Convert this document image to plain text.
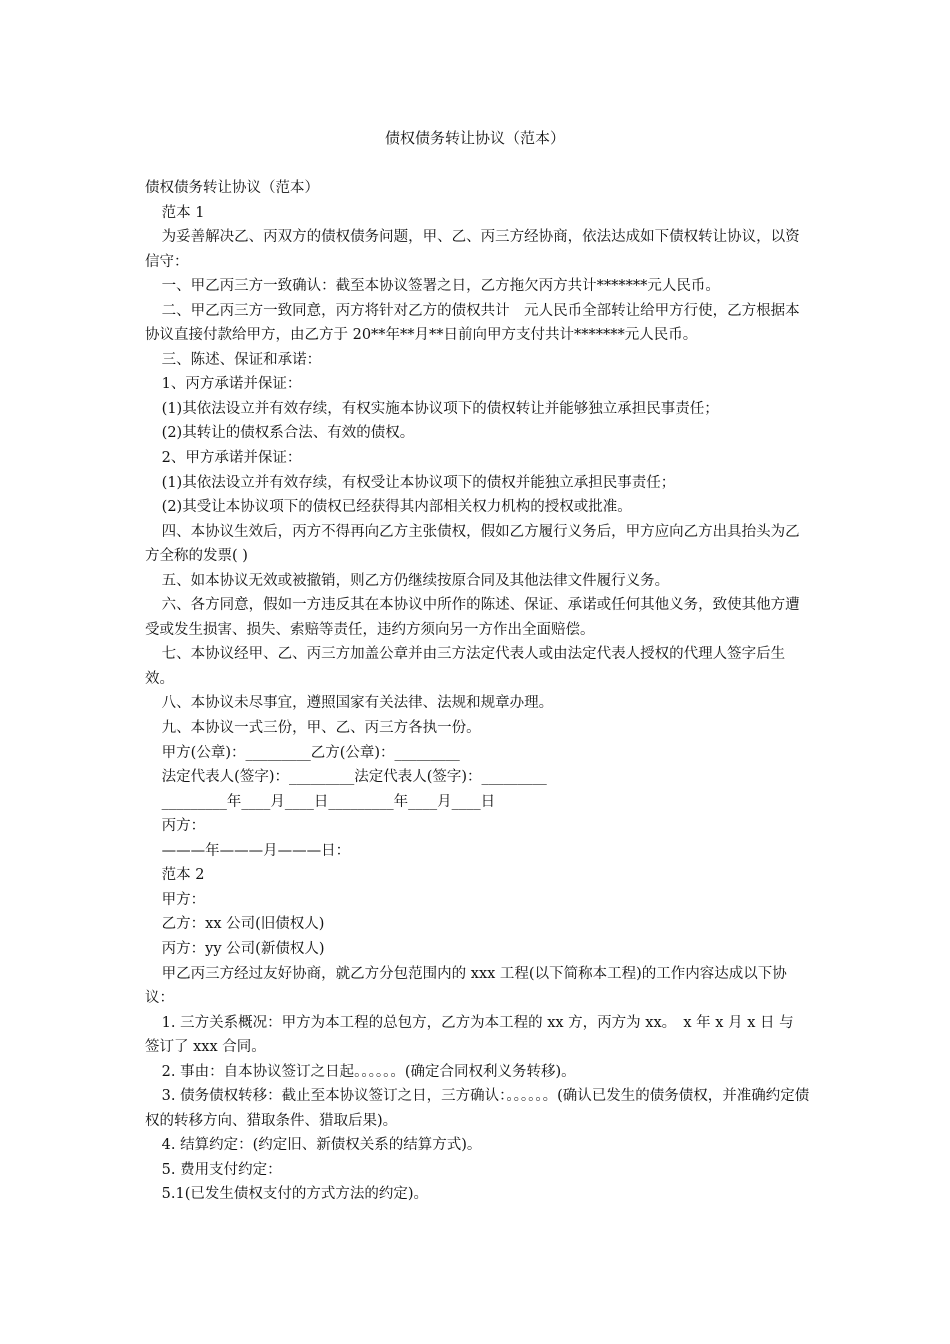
债权债务转让协议（范本）

债权债务转让协议（范本）

范本 1

为妥善解决乙、丙双方的债权债务问题，甲、乙、丙三方经协商，依法达成如下债权转让协议，以资信守：

一、甲乙丙三方一致确认：截至本协议签署之日，乙方拖欠丙方共计*******元人民币。

二、甲乙丙三方一致同意，丙方将针对乙方的债权共计　元人民币全部转让给甲方行使，乙方根据本协议直接付款给甲方，由乙方于 20**年**月**日前向甲方支付共计*******元人民币。

三、陈述、保证和承诺：

1、丙方承诺并保证：

(1)其依法设立并有效存续，有权实施本协议项下的债权转让并能够独立承担民事责任；

(2)其转让的债权系合法、有效的债权。

2、甲方承诺并保证：

(1)其依法设立并有效存续，有权受让本协议项下的债权并能独立承担民事责任；

(2)其受让本协议项下的债权已经获得其内部相关权力机构的授权或批准。

四、本协议生效后，丙方不得再向乙方主张债权，假如乙方履行义务后，甲方应向乙方出具抬头为乙方全称的发票( )

五、如本协议无效或被撤销，则乙方仍继续按原合同及其他法律文件履行义务。

六、各方同意，假如一方违反其在本协议中所作的陈述、保证、承诺或任何其他义务，致使其他方遭受或发生损害、损失、索赔等责任，违约方须向另一方作出全面赔偿。

七、本协议经甲、乙、丙三方加盖公章并由三方法定代表人或由法定代表人授权的代理人签字后生效。

八、本协议未尽事宜，遵照国家有关法律、法规和规章办理。

九、本协议一式三份，甲、乙、丙三方各执一份。

甲方(公章)：_________乙方(公章)：_________

法定代表人(签字)：_________法定代表人(签字)：_________

_________年____月____日_________年____月____日

丙方：

———年———月———日：

范本 2

甲方：

乙方：xx 公司(旧债权人)

丙方：yy 公司(新债权人)

甲乙丙三方经过友好协商，就乙方分包范围内的 xxx 工程(以下简称本工程)的工作内容达成以下协议：

1. 三方关系概况：甲方为本工程的总包方，乙方为本工程的 xx 方，丙方为 xx。　x 年 x 月 x 日 与 签订了 xxx 合同。

2. 事由：自本协议签订之日起。。。。。。(确定合同权利义务转移)。

3. 债务债权转移：截止至本协议签订之日，三方确认：。。。。。。(确认已发生的债务债权，并准确约定债权的转移方向、猎取条件、猎取后果)。

4. 结算约定：(约定旧、新债权关系的结算方式)。

5. 费用支付约定：

5.1(已发生债权支付的方式方法的约定)。
